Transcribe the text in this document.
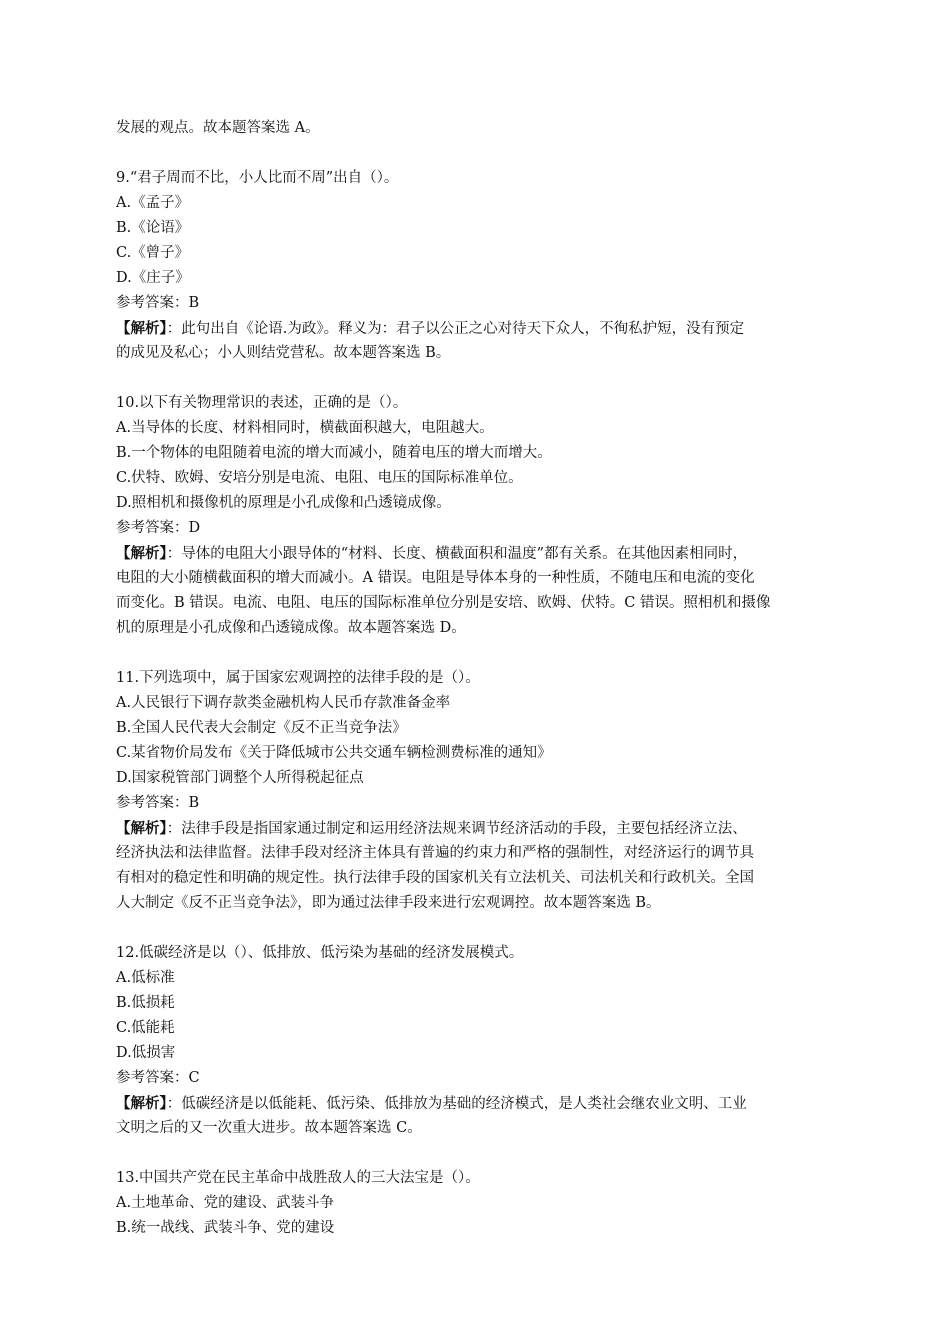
发展的观点。故本题答案选 A。
9.“君子周而不比，小人比而不周”出自（）。
A.《孟子》
B.《论语》
C.《曾子》
D.《庄子》
参考答案：B
【解析】：此句出自《论语.为政》。释义为：君子以公正之心对待天下众人，不徇私护短，没有预定
的成见及私心；小人则结党营私。故本题答案选 B。
10.以下有关物理常识的表述，正确的是（）。
A.当导体的长度、材料相同时，横截面积越大，电阻越大。
B.一个物体的电阻随着电流的增大而减小，随着电压的增大而增大。
C.伏特、欧姆、安培分别是电流、电阻、电压的国际标准单位。
D.照相机和摄像机的原理是小孔成像和凸透镜成像。
参考答案：D
【解析】：导体的电阻大小跟导体的“材料、长度、横截面积和温度”都有关系。在其他因素相同时，
电阻的大小随横截面积的增大而减小。A 错误。电阻是导体本身的一种性质，不随电压和电流的变化
而变化。B 错误。电流、电阻、电压的国际标准单位分别是安培、欧姆、伏特。C 错误。照相机和摄像
机的原理是小孔成像和凸透镜成像。故本题答案选 D。
11.下列选项中，属于国家宏观调控的法律手段的是（）。
A.人民银行下调存款类金融机构人民币存款准备金率
B.全国人民代表大会制定《反不正当竞争法》
C.某省物价局发布《关于降低城市公共交通车辆检测费标准的通知》
D.国家税管部门调整个人所得税起征点
参考答案：B
【解析】：法律手段是指国家通过制定和运用经济法规来调节经济活动的手段，主要包括经济立法、
经济执法和法律监督。法律手段对经济主体具有普遍的约束力和严格的强制性，对经济运行的调节具
有相对的稳定性和明确的规定性。执行法律手段的国家机关有立法机关、司法机关和行政机关。全国
人大制定《反不正当竞争法》，即为通过法律手段来进行宏观调控。故本题答案选 B。
12.低碳经济是以（）、低排放、低污染为基础的经济发展模式。
A.低标准
B.低损耗
C.低能耗
D.低损害
参考答案：C
【解析】：低碳经济是以低能耗、低污染、低排放为基础的经济模式，是人类社会继农业文明、工业
文明之后的又一次重大进步。故本题答案选 C。
13.中国共产党在民主革命中战胜敌人的三大法宝是（）。
A.土地革命、党的建设、武装斗争
B.统一战线、武装斗争、党的建设
